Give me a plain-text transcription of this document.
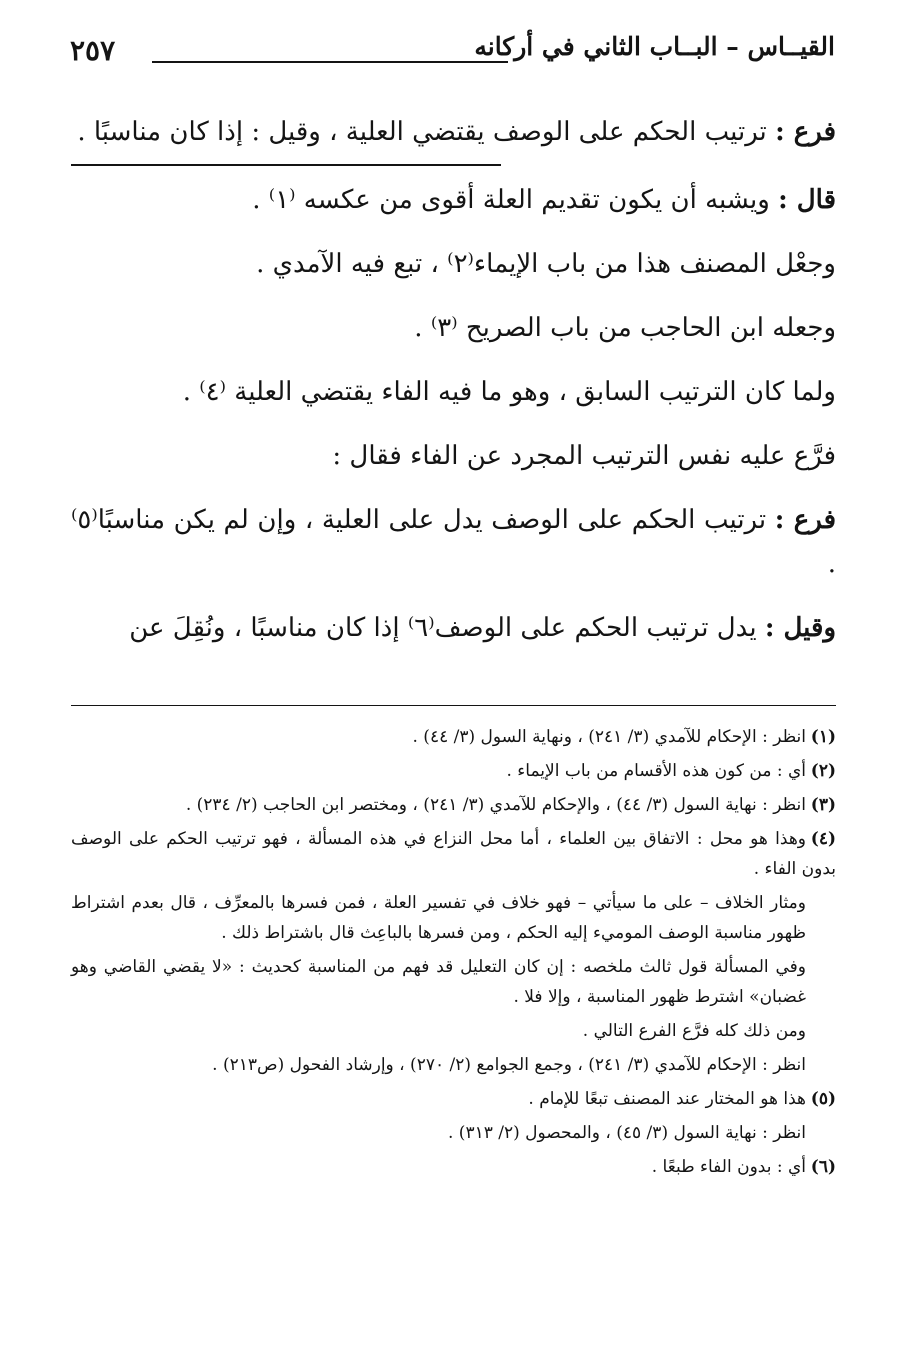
القيــاس – البــاب الثاني في أركانه
٢٥٧

فرع : ترتيب الحكم على الوصف يقتضي العلية ، وقيل : إذا كان مناسبًا .

قال : ويشبه أن يكون تقديم العلة أقوى من عكسه ⁽١⁾ .

وجعْل المصنف هذا من باب الإيماء⁽٢⁾ ، تبع فيه الآمدي .

وجعله ابن الحاجب من باب الصريح ⁽٣⁾ .

ولما كان الترتيب السابق ، وهو ما فيه الفاء يقتضي العلية ⁽٤⁾ .

فرَّع عليه نفس الترتيب المجرد عن الفاء فقال :

فرع : ترتيب الحكم على الوصف يدل على العلية ، وإن لم يكن مناسبًا⁽٥⁾ .

وقيل : يدل ترتيب الحكم على الوصف⁽٦⁾ إذا كان مناسبًا ، ونُقِلَ عن

(١)انظر : الإحكام للآمدي (٣/ ٢٤١) ، ونهاية السول (٣/ ٤٤) .

(٢)أي : من كون هذه الأقسام من باب الإيماء .

(٣)انظر : نهاية السول (٣/ ٤٤) ، والإحكام للآمدي (٣/ ٢٤١) ، ومختصر ابن الحاجب (٢/ ٢٣٤) .

(٤)وهذا هو محل : الاتفاق بين العلماء ، أما محل النزاع في هذه المسألة ، فهو ترتيب الحكم على الوصف بدون الفاء .

ومثار الخلاف – على ما سيأتي – فهو خلاف في تفسير العلة ، فمن فسرها بالمعرِّف ، قال بعدم اشتراط ظهور مناسبة الوصف الموميء إليه الحكم ، ومن فسرها بالباعِث قال باشتراط ذلك .

وفي المسألة قول ثالث ملخصه : إن كان التعليل قد فهم من المناسبة كحديث : «لا يقضي القاضي وهو غضبان» اشترط ظهور المناسبة ، وإلا فلا .

ومن ذلك كله فرَّع الفرع التالي .

انظر : الإحكام للآمدي (٣/ ٢٤١) ، وجمع الجوامع (٢/ ٢٧٠) ، وإرشاد الفحول (ص٢١٣) .

(٥)هذا هو المختار عند المصنف تبعًا للإمام .

انظر : نهاية السول (٣/ ٤٥) ، والمحصول (٢/ ٣١٣) .

(٦)أي : بدون الفاء طبعًا .
